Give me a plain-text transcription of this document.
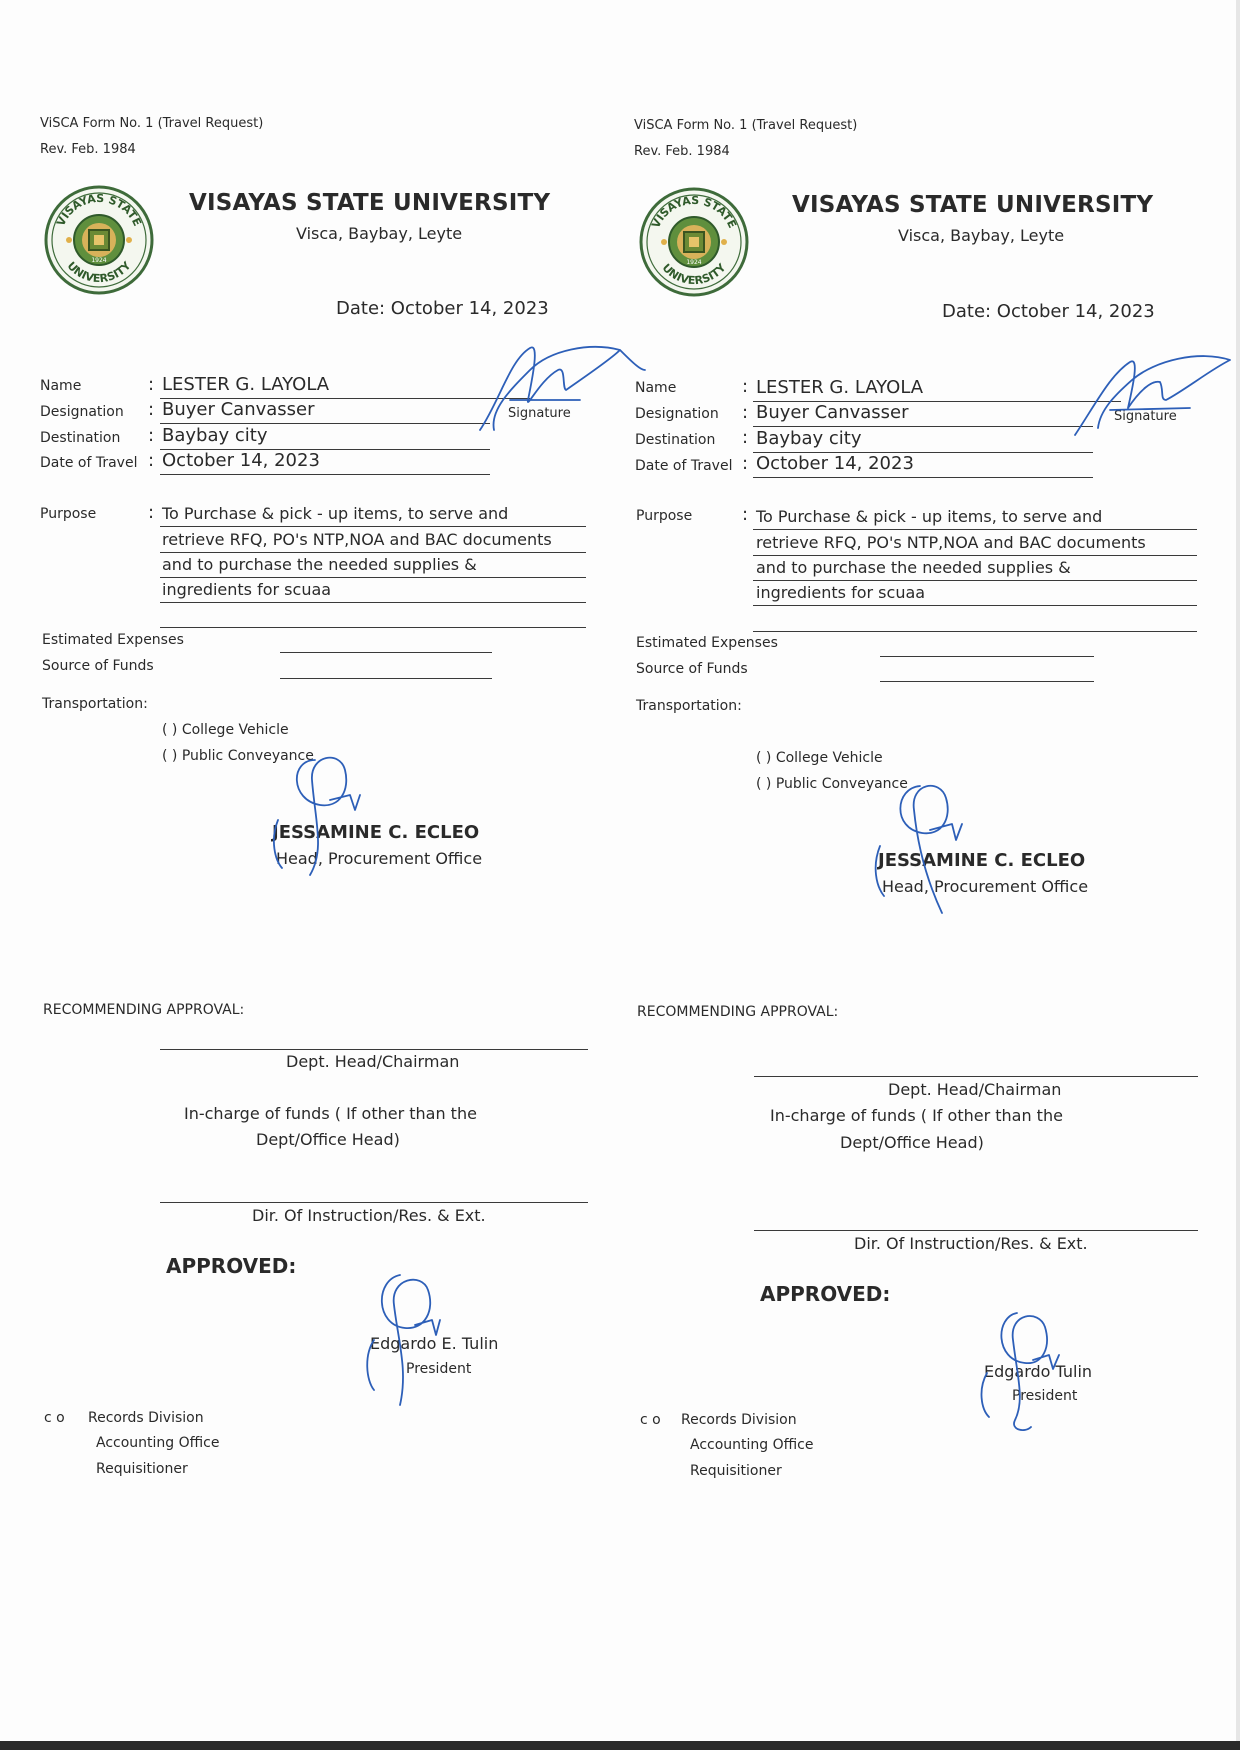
ViSCA Form No. 1 (Travel Request)
Rev. Feb. 1984
VISAYAS STATE
UNIVERSITY
1924
VISAYAS STATE UNIVERSITY
Visca, Baybay, Leyte
Date: October 14, 2023
Name	: LESTER G. LAYOLA
Designation : Buyer Canvasser	Signature
Destination : Baybay city
Date of Travel : October 14, 2023
Purpose	: To Purchase & pick - up items, to serve and
retrieve RFQ, PO's NTP,NOA and BAC documents
and to purchase the needed supplies &
ingredients for scuaa
Estimated Expenses
Source of Funds
Transportation:
( ) College Vehicle
( ) Public Conveyance
JESSAMINE C. ECLEO
Head, Procurement Office
RECOMMENDING APPROVAL:
Dept. Head/Chairman
In-charge of funds ( If other than the
Dept/Office Head)
Dir. Of Instruction/Res. & Ext.
APPROVED:
Edgardo E. Tulin
President
c o Records Division
Accounting Office
Requisitioner
ViSCA Form No. 1 (Travel Request)
Rev. Feb. 1984
VISAYAS STATE
UNIVERSITY
1924
VISAYAS STATE UNIVERSITY
Visca, Baybay, Leyte
Date: October 14, 2023
Name	: LESTER G. LAYOLA
Designation : Buyer Canvasser	Signature
Destination : Baybay city
Date of Travel : October 14, 2023
Purpose	: To Purchase & pick - up items, to serve and
retrieve RFQ, PO's NTP,NOA and BAC documents
and to purchase the needed supplies &
ingredients for scuaa
Estimated Expenses
Source of Funds
Transportation:
( ) College Vehicle
( ) Public Conveyance
JESSAMINE C. ECLEO
Head, Procurement Office
RECOMMENDING APPROVAL:
Dept. Head/Chairman
In-charge of funds ( If other than the
Dept/Office Head)
Dir. Of Instruction/Res. & Ext.
APPROVED:
Edgardo Tulin
President
c o Records Division
Accounting Office
Requisitioner
